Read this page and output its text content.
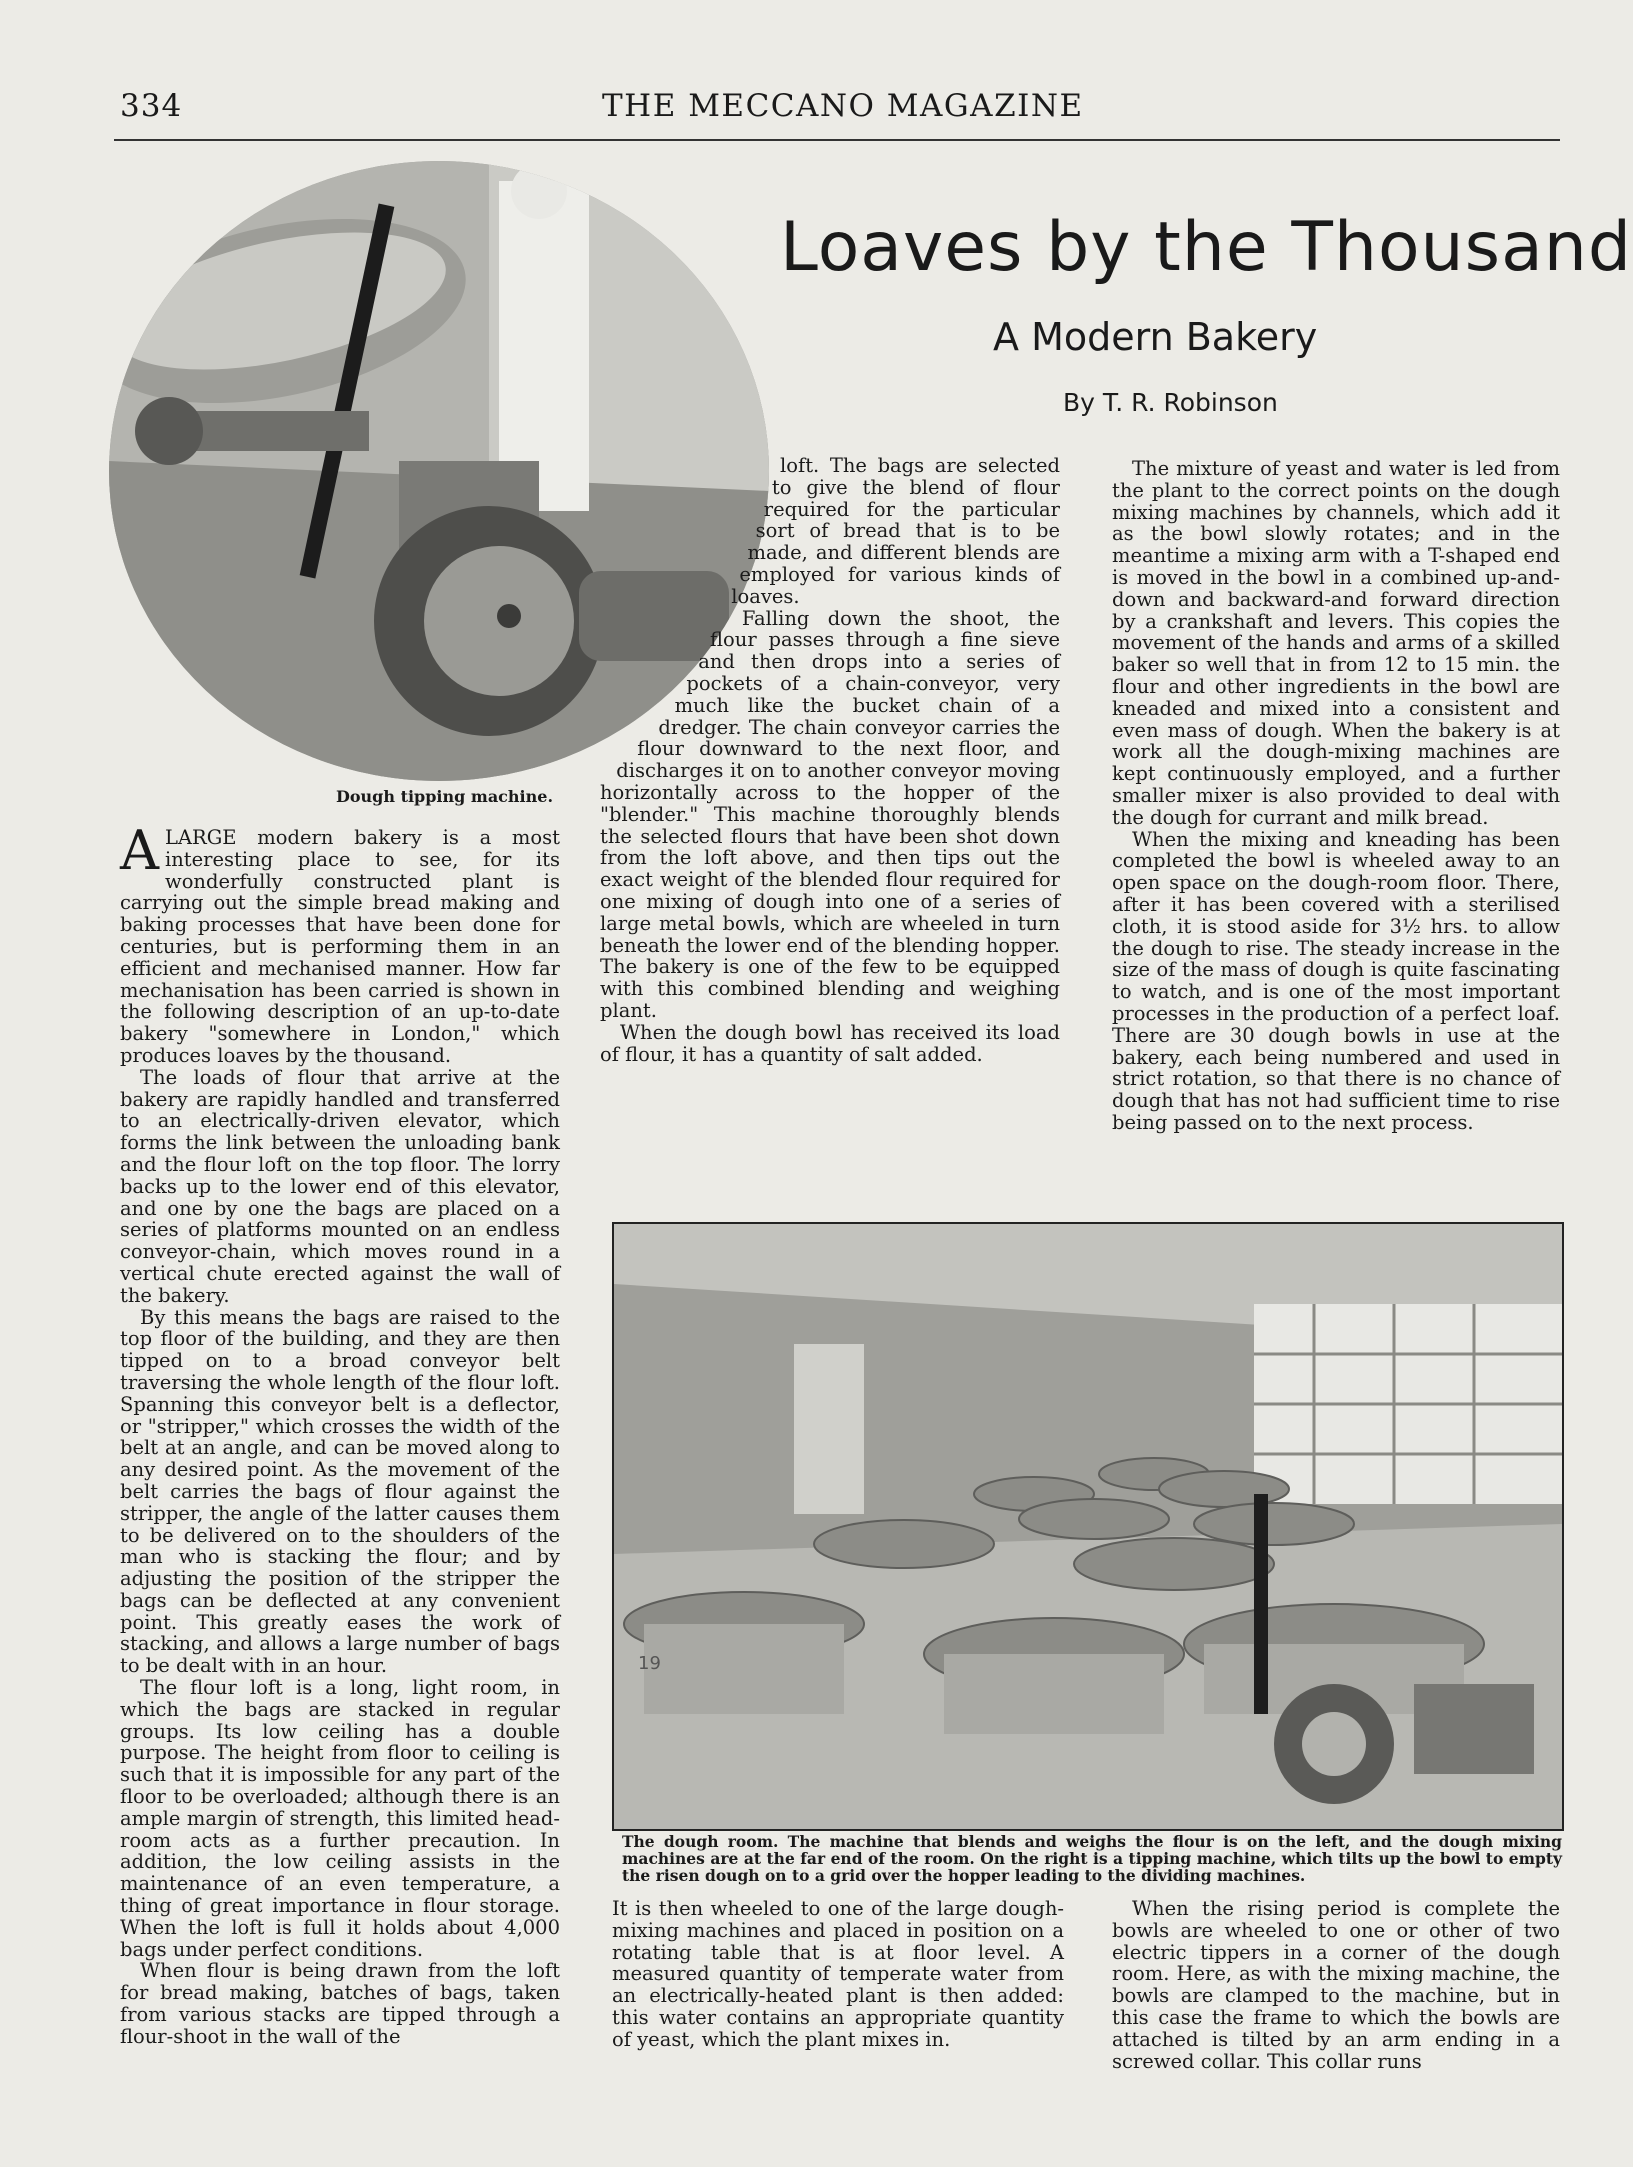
334	THE MECCANO MAGAZINE
Loaves by the Thousand
A Modern Bakery
By T. R. Robinson
Dough tipping machine.

A LARGE modern bakery is a most interesting place to see, for its wonderfully constructed plant is carrying out the simple bread making and baking processes that have been done for centuries, but is performing them in an efficient and mechanised manner. How far mechanisation has been carried is shown in the following description of an up-to-date bakery "somewhere in London," which produces loaves by the thousand.

The loads of flour that arrive at the bakery are rapidly handled and transferred to an electrically-driven elevator, which forms the link between the unloading bank and the flour loft on the top floor. The lorry backs up to the lower end of this elevator, and one by one the bags are placed on a series of platforms mounted on an endless conveyor-chain, which moves round in a vertical chute erected against the wall of the bakery.

By this means the bags are raised to the top floor of the building, and they are then tipped on to a broad conveyor belt traversing the whole length of the flour loft. Spanning this conveyor belt is a deflector, or "stripper," which crosses the width of the belt at an angle, and can be moved along to any desired point. As the movement of the belt carries the bags of flour against the stripper, the angle of the latter causes them to be delivered on to the shoulders of the man who is stacking the flour; and by adjusting the position of the stripper the bags can be deflected at any convenient point. This greatly eases the work of stacking, and allows a large number of bags to be dealt with in an hour.

The flour loft is a long, light room, in which the bags are stacked in regular groups. Its low ceiling has a double purpose. The height from floor to ceiling is such that it is impossible for any part of the floor to be overloaded; although there is an ample margin of strength, this limited head-room acts as a further precaution. In addition, the low ceiling assists in the maintenance of an even temperature, a thing of great importance in flour storage. When the loft is full it holds about 4,000 bags under perfect conditions.

When flour is being drawn from the loft for bread making, batches of bags, taken from various stacks are tipped through a flour-shoot in the wall of the

loft. The bags are selected to give the blend of flour required for the particular sort of bread that is to be made, and different blends are employed for various kinds of loaves.

Falling down the shoot, the flour passes through a fine sieve and then drops into a series of pockets of a chain-conveyor, very much like the bucket chain of a dredger. The chain conveyor carries the flour downward to the next floor, and discharges it on to another conveyor moving horizontally across to the hopper of the "blender." This machine thoroughly blends the selected flours that have been shot down from the loft above, and then tips out the exact weight of the blended flour required for one mixing of dough into one of a series of large metal bowls, which are wheeled in turn beneath the lower end of the blending hopper. The bakery is one of the few to be equipped with this combined blending and weighing plant.

When the dough bowl has received its load of flour, it has a quantity of salt added.

The mixture of yeast and water is led from the plant to the correct points on the dough mixing machines by channels, which add it as the bowl slowly rotates; and in the meantime a mixing arm with a T-shaped end is moved in the bowl in a combined up-and-down and backward-and forward direction by a crankshaft and levers. This copies the movement of the hands and arms of a skilled baker so well that in from 12 to 15 min. the flour and other ingredients in the bowl are kneaded and mixed into a consistent and even mass of dough. When the bakery is at work all the dough-mixing machines are kept continuously employed, and a further smaller mixer is also provided to deal with the dough for currant and milk bread.

When the mixing and kneading has been completed the bowl is wheeled away to an open space on the dough-room floor. There, after it has been covered with a sterilised cloth, it is stood aside for 3½ hrs. to allow the dough to rise. The steady increase in the size of the mass of dough is quite fascinating to watch, and is one of the most important processes in the production of a perfect loaf. There are 30 dough bowls in use at the bakery, each being numbered and used in strict rotation, so that there is no chance of dough that has not had sufficient time to rise being passed on to the next process.

19
The dough room. The machine that blends and weighs the flour is on the left, and the dough mixing machines are at the far end of the room. On the right is a tipping machine, which tilts up the bowl to empty the risen dough on to a grid over the hopper leading to the dividing machines.

It is then wheeled to one of the large dough-mixing machines and placed in position on a rotating table that is at floor level. A measured quantity of temperate water from an electrically-heated plant is then added: this water contains an appropriate quantity of yeast, which the plant mixes in.

When the rising period is complete the bowls are wheeled to one or other of two electric tippers in a corner of the dough room. Here, as with the mixing machine, the bowls are clamped to the machine, but in this case the frame to which the bowls are attached is tilted by an arm ending in a screwed collar. This collar runs
